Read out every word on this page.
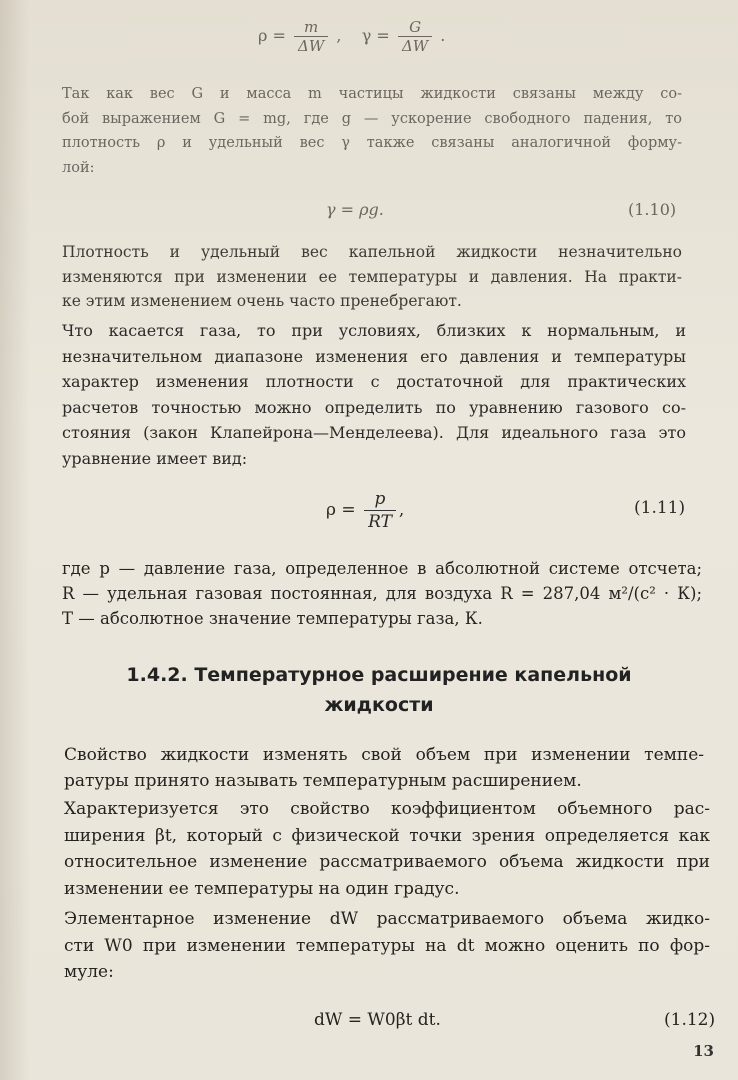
$\rho = \frac{m}{\Delta W}$ ,    $\gamma = \frac{G}{\Delta W}$ .
Так как вес G и масса m частицы жидкости связаны между со-
бой выражением G = mg, где g — ускорение свободного падения, то
плотность ρ и удельный вес γ также связаны аналогичной форму-
лой:
γ = ρg.	(1.10)
Плотность и удельный вес капельной жидкости незначительно
изменяются при изменении ее температуры и давления. На практи-
ке этим изменением очень часто пренебрегают.
Что касается газа, то при условиях, близких к нормальным, и
незначительном диапазоне изменения его давления и температуры
характер изменения плотности с достаточной для практических
расчетов точностью можно определить по уравнению газового со-
стояния (закон Клапейрона—Менделеева). Для идеального газа это
уравнение имеет вид:
$\rho = \frac{p}{RT}$ ,	(1.11)
где p — давление газа, определенное в абсолютной системе отсчета;
R — удельная газовая постоянная, для воздуха R = 287,04 м²/(с² · К);
T — абсолютное значение температуры газа, К.
1.4.2. Температурное расширение капельной
жидкости
Свойство жидкости изменять свой объем при изменении темпе-
ратуры принято называть температурным расширением.
Характеризуется это свойство коэффициентом объемного рас-
ширения βt, который с физической точки зрения определяется как
относительное изменение рассматриваемого объема жидкости при
изменении ее температуры на один градус.
Элементарное изменение dW рассматриваемого объема жидко-
сти W0 при изменении температуры на dt можно оценить по фор-
муле:
dW = W0βt dt.	(1.12)
13
